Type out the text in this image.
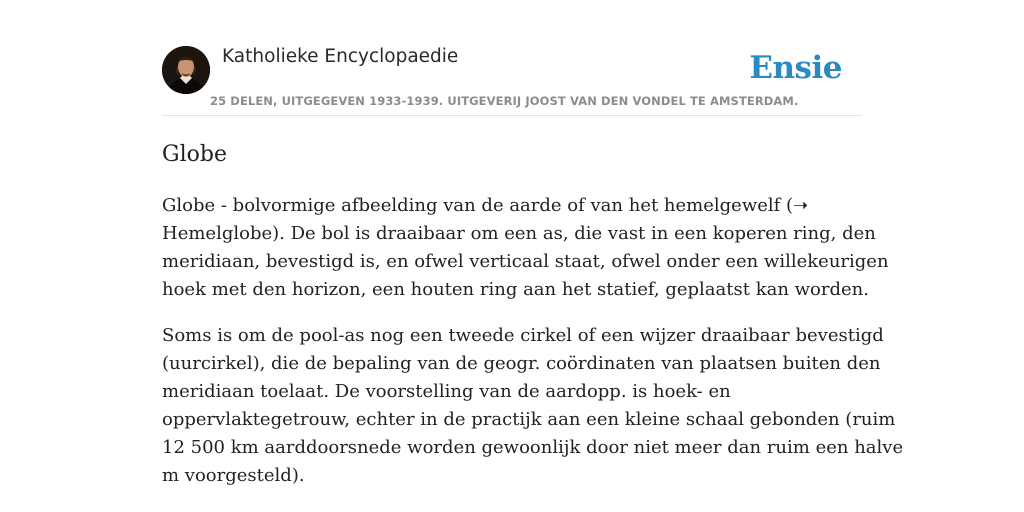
Katholieke Encyclopaedie	Ensie
25 DELEN, UITGEGEVEN 1933-1939. UITGEVERIJ JOOST VAN DEN VONDEL TE AMSTERDAM.
Globe
Globe - bolvormige afbeelding van de aarde of van het hemelgewelf (➝
Hemelglobe). De bol is draaibaar om een as, die vast in een koperen ring, den
meridiaan, bevestigd is, en ofwel verticaal staat, ofwel onder een willekeurigen
hoek met den horizon, een houten ring aan het statief, geplaatst kan worden.
Soms is om de pool-as nog een tweede cirkel of een wijzer draaibaar bevestigd
(uurcirkel), die de bepaling van de geogr. coördinaten van plaatsen buiten den
meridiaan toelaat. De voorstelling van de aardopp. is hoek- en
oppervlaktegetrouw, echter in de practijk aan een kleine schaal gebonden (ruim
12 500 km aarddoorsnede worden gewoonlijk door niet meer dan ruim een halve
m voorgesteld).
